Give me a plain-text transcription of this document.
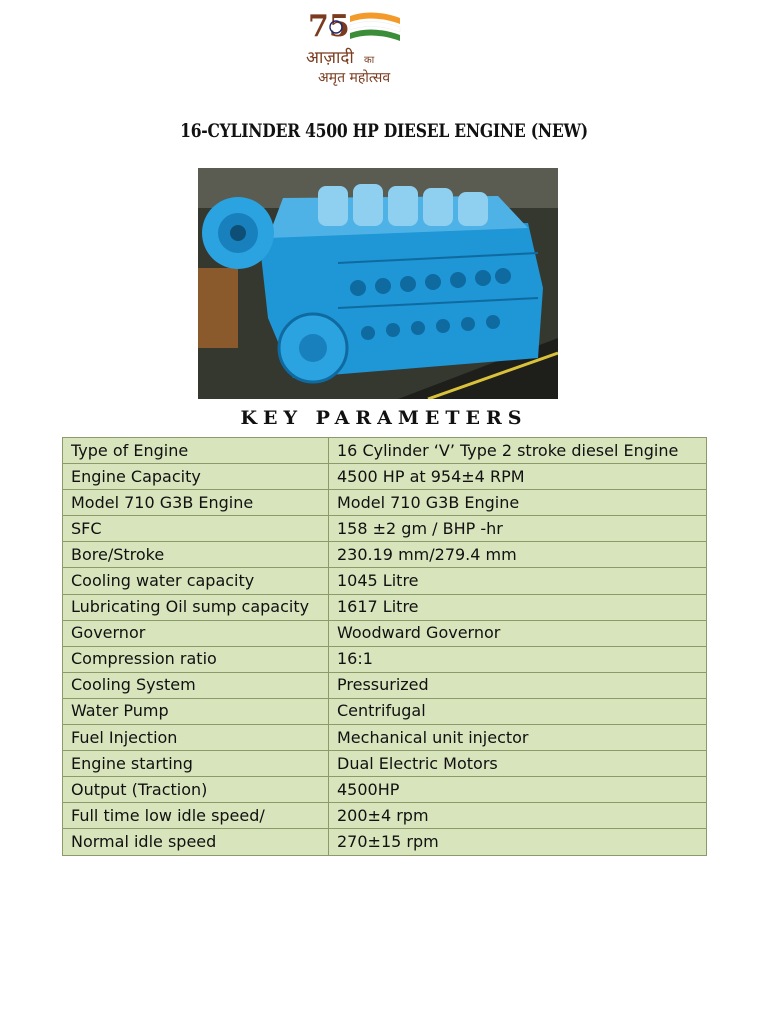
75
आज़ादी का
अमृत महोत्सव
16-CYLINDER 4500 HP DIESEL ENGINE (NEW)
KEY PARAMETERS
Type of Engine	16 Cylinder ‘V’ Type 2 stroke diesel Engine
Engine Capacity	4500 HP at 954±4 RPM
Model 710 G3B Engine	Model 710 G3B Engine
SFC	158 ±2 gm / BHP -hr
Bore/Stroke	230.19 mm/279.4 mm
Cooling water capacity	1045 Litre
Lubricating Oil sump capacity	1617 Litre
Governor	Woodward Governor
Compression ratio	16:1
Cooling System	Pressurized
Water Pump	Centrifugal
Fuel Injection	Mechanical unit injector
Engine starting	Dual Electric Motors
Output (Traction)	4500HP
Full time low idle speed/	200±4 rpm
Normal idle speed	270±15 rpm
